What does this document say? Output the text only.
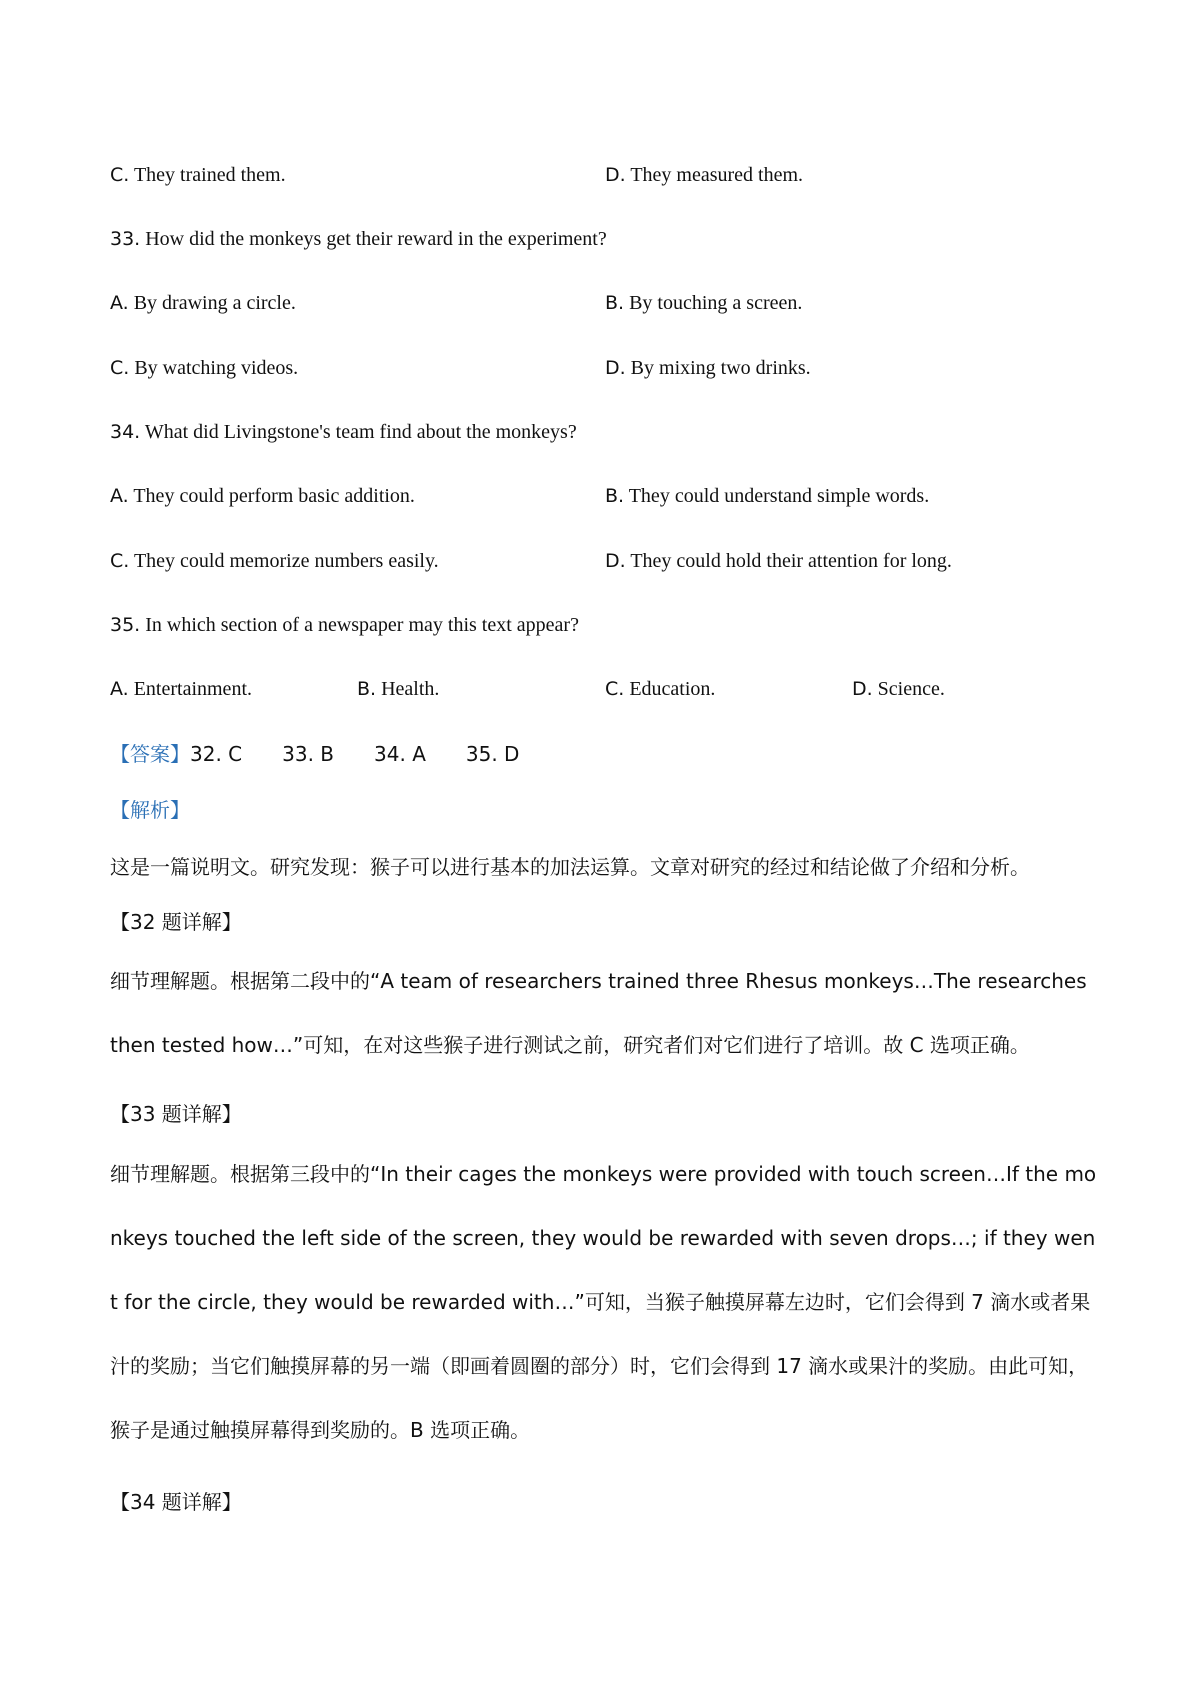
C. They trained them.	D. They measured them.
33. How did the monkeys get their reward in the experiment?
A. By drawing a circle.	B. By touching a screen.
C. By watching videos.	D. By mixing two drinks.
34. What did Livingstone's team find about the monkeys?
A. They could perform basic addition.	B. They could understand simple words.
C. They could memorize numbers easily.	D. They could hold their attention for long.
35. In which section of a newspaper may this text appear?
A. Entertainment.	B. Health.	C. Education.	D. Science.
【答案】32. C 33. B 34. A 35. D
【解析】
这是一篇说明文。研究发现：猴子可以进行基本的加法运算。文章对研究的经过和结论做了介绍和分析。
【32 题详解】
细节理解题。根据第二段中的“A team of researchers trained three Rhesus monkeys…The researches then tested how…”可知，在对这些猴子进行测试之前，研究者们对它们进行了培训。故 C 选项正确。
【33 题详解】
细节理解题。根据第三段中的“In their cages the monkeys were provided with touch screen…If the monkeys touched the left side of the screen, they would be rewarded with seven drops…; if they went for the circle, they would be rewarded with…”可知，当猴子触摸屏幕左边时，它们会得到 7 滴水或者果汁的奖励；当它们触摸屏幕的另一端（即画着圆圈的部分）时，它们会得到 17 滴水或果汁的奖励。由此可知，猴子是通过触摸屏幕得到奖励的。B 选项正确。
【34 题详解】
